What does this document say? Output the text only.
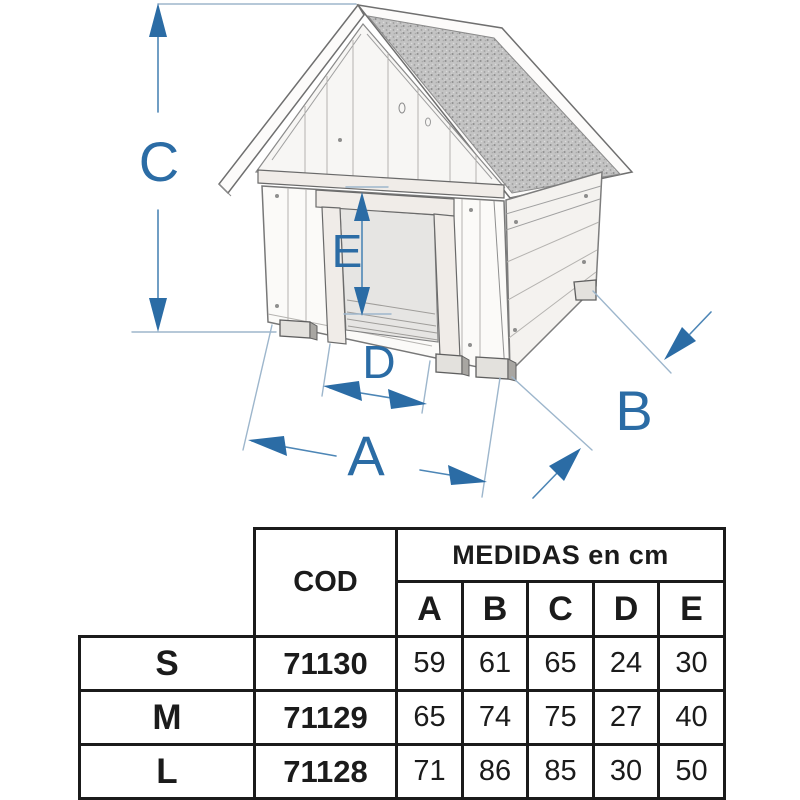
C
E
D
A
B
	COD	MEDIDAS en cm				
		A	B	C	D	E
S	71130	59	61	65	24	30
M	71129	65	74	75	27	40
L	71128	71	86	85	30	50
